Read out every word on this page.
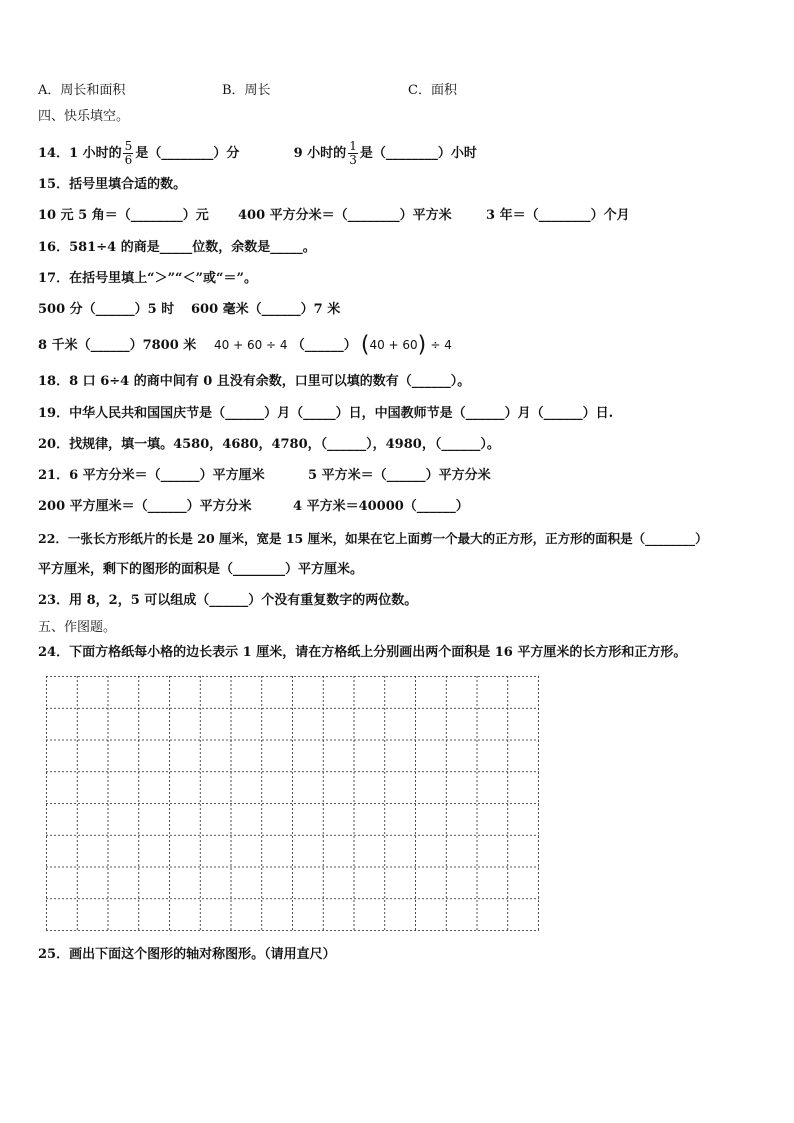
A．周长和面积	B．周长	C．面积
四、快乐填空。
14．1 小时的 $\frac{5}{6}$ 是（________）分	9 小时的 $\frac{1}{3}$ 是（________）小时
15．括号里填合适的数。
10 元 5 角＝（________）元 400 平方分米＝（________）平方米	3 年＝（________）个月
16．581÷4 的商是_____位数，余数是_____。
17．在括号里填上“＞”“＜”或“＝”。
500 分（______）5 时 600 毫米（______）7 米
8 千米（______）7800 米 40 + 60 ÷ 4 （______） (40 + 60) ÷ 4
18．8 口 6÷4 的商中间有 0 且没有余数，口里可以填的数有（______）。
19．中华人民共和国国庆节是（______）月（_____）日，中国教师节是（______）月（______）日.
20．找规律，填一填。4580，4680，4780，（______），4980，（______）。
21．6 平方分米＝（______）平方厘米	5 平方米＝（______）平方分米
200 平方厘米＝（______）平方分米	4 平方米＝40000（______）
22．一张长方形纸片的长是 20 厘米，宽是 15 厘米，如果在它上面剪一个最大的正方形，正方形的面积是（________）
平方厘米，剩下的图形的面积是（________）平方厘米。
23．用 8，2，5 可以组成（______）个没有重复数字的两位数。
五、作图题。
24．下面方格纸每小格的边长表示 1 厘米，请在方格纸上分别画出两个面积是 16 平方厘米的长方形和正方形。
25．画出下面这个图形的轴对称图形。（请用直尺）
